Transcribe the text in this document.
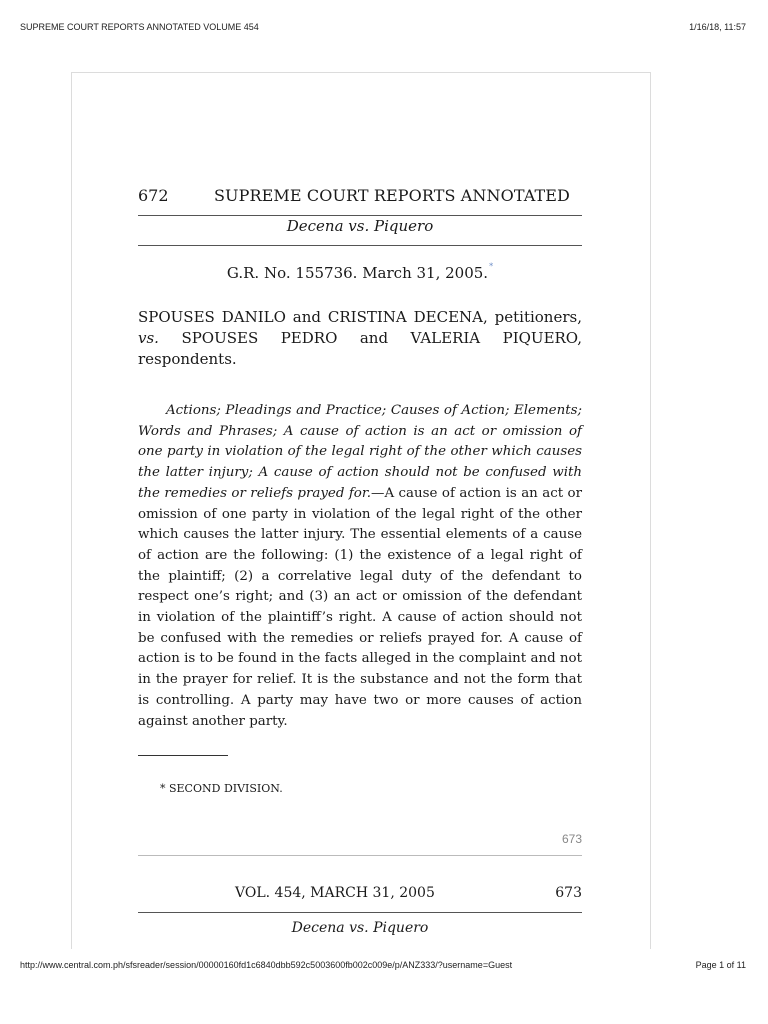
SUPREME COURT REPORTS ANNOTATED VOLUME 454	1/16/18, 11:57
672	SUPREME COURT REPORTS ANNOTATED
Decena vs. Piquero
G.R. No. 155736. March 31, 2005.*
SPOUSES DANILO and CRISTINA DECENA, petitioners,
vs. SPOUSES PEDRO and VALERIA PIQUERO,
respondents.
Actions; Pleadings and Practice; Causes of Action; Elements; Words and Phrases; A cause of action is an act or omission of one party in violation of the legal right of the other which causes the latter injury; A cause of action should not be confused with the remedies or reliefs prayed for.—A cause of action is an act or omission of one party in violation of the legal right of the other which causes the latter injury. The essential elements of a cause of action are the following: (1) the existence of a legal right of the plaintiff; (2) a correlative legal duty of the defendant to respect one’s right; and (3) an act or omission of the defendant in violation of the plaintiff’s right. A cause of action should not be confused with the remedies or reliefs prayed for. A cause of action is to be found in the facts alleged in the complaint and not in the prayer for relief. It is the substance and not the form that is controlling. A party may have two or more causes of action against another party.
* SECOND DIVISION.
673
VOL. 454, MARCH 31, 2005	673
Decena vs. Piquero
http://www.central.com.ph/sfsreader/session/00000160fd1c6840dbb592c5003600fb002c009e/p/ANZ333/?username=Guest	Page 1 of 11
